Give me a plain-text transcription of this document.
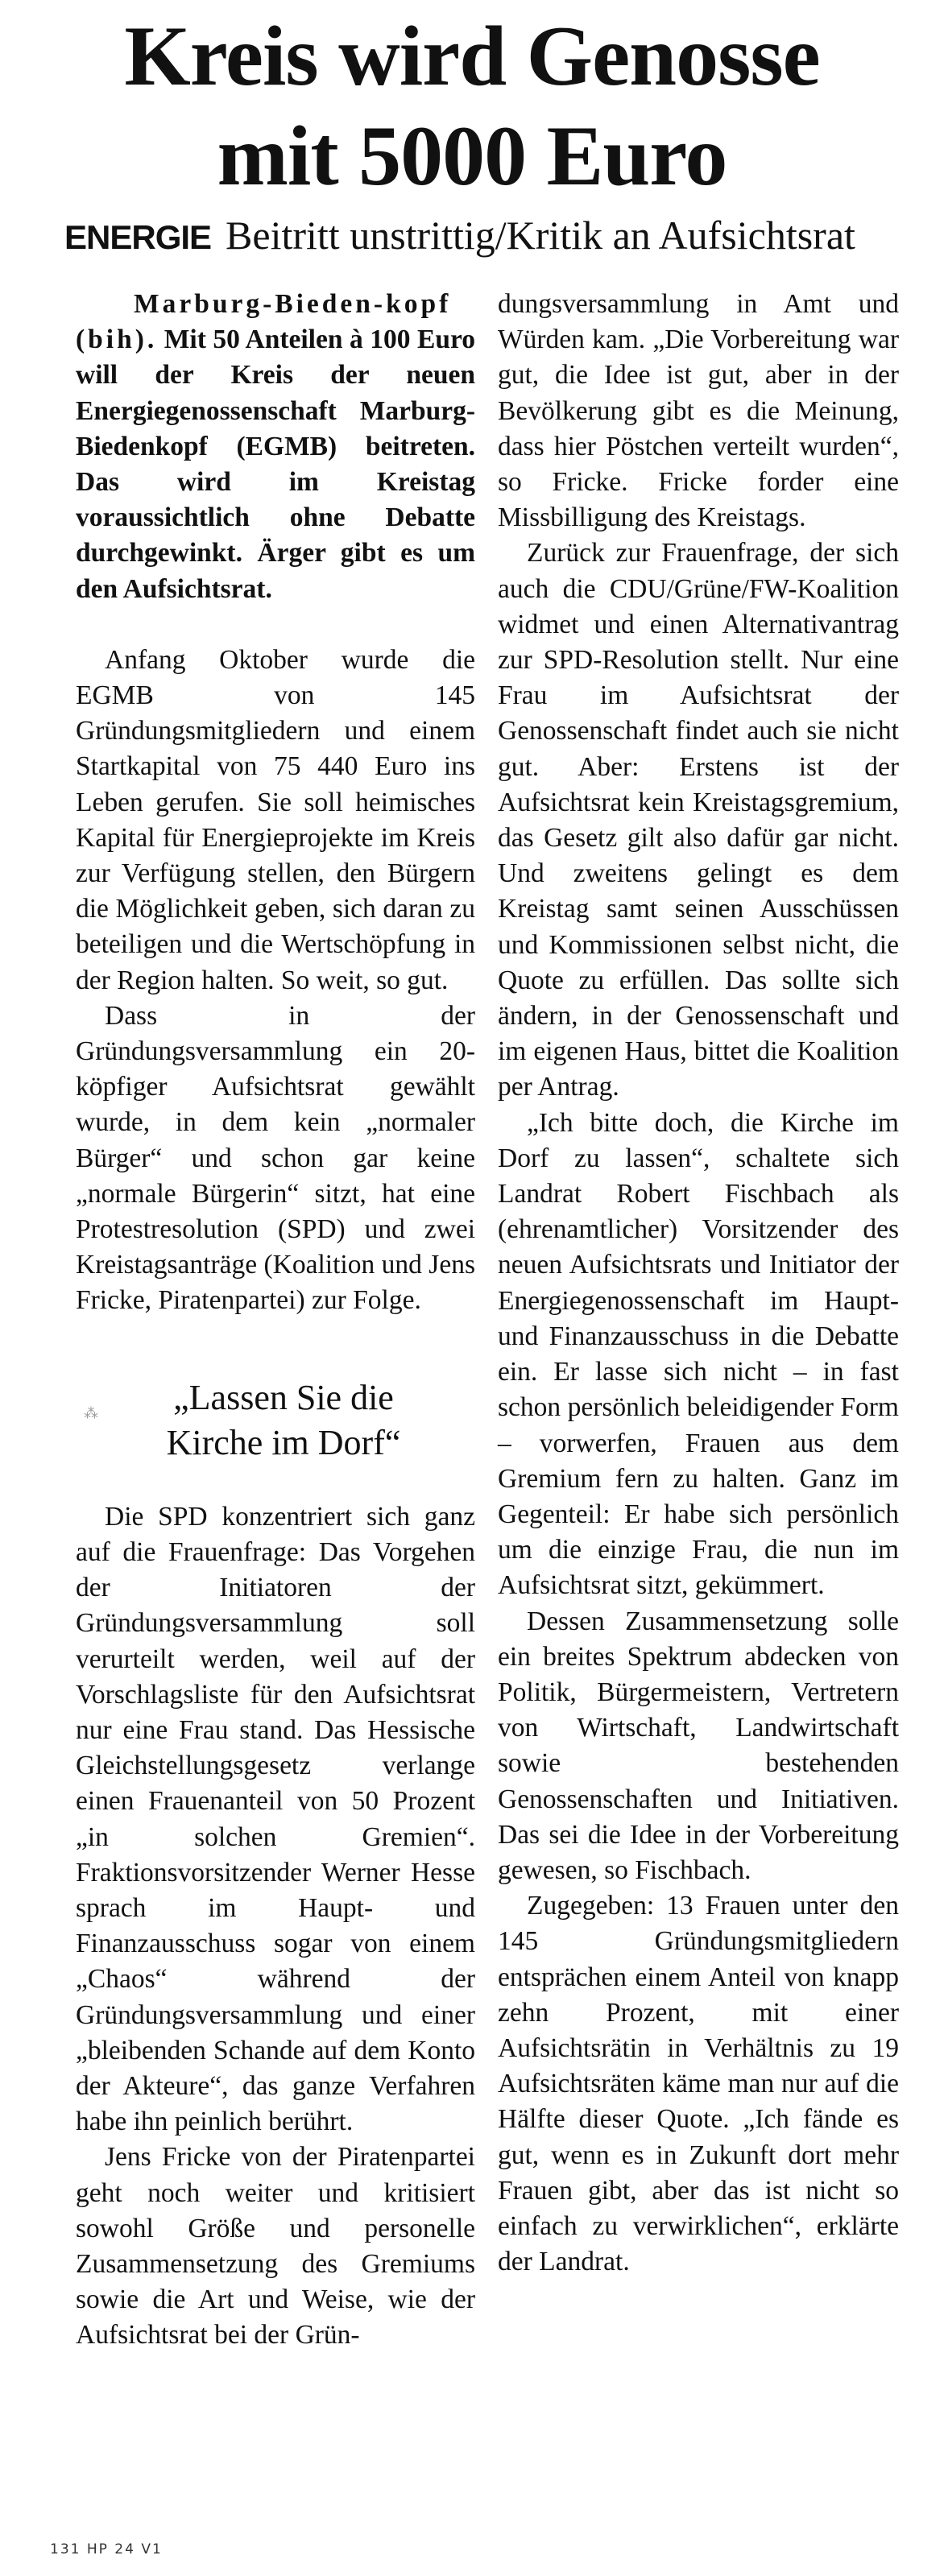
Kreis wird Genosse
mit 5000 Euro
ENERGIE Beitritt unstrittig/Kritik an Aufsichtsrat

Marburg-Bieden-kopf (bih). Mit 50 Anteilen à 100 Euro will der Kreis der neuen Energiegenossenschaft Marburg-Biedenkopf (EGMB) beitreten. Das wird im Kreistag voraussichtlich ohne Debatte durchgewinkt. Ärger gibt es um den Aufsichtsrat.

Anfang Oktober wurde die EGMB von 145 Gründungsmitgliedern und einem Startkapital von 75 440 Euro ins Leben gerufen. Sie soll heimisches Kapital für Energieprojekte im Kreis zur Verfügung stellen, den Bürgern die Möglichkeit geben, sich daran zu beteiligen und die Wertschöpfung in der Region halten. So weit, so gut.

Dass in der Gründungsversammlung ein 20-köpfiger Aufsichtsrat gewählt wurde, in dem kein „normaler Bürger“ und schon gar keine „normale Bürgerin“ sitzt, hat eine Protestresolution (SPD) und zwei Kreistagsanträge (Koalition und Jens Fricke, Piratenpartei) zur Folge.

⁂ „Lassen Sie die
Kirche im Dorf“

Die SPD konzentriert sich ganz auf die Frauenfrage: Das Vorgehen der Initiatoren der Gründungsversammlung soll verurteilt werden, weil auf der Vorschlagsliste für den Aufsichtsrat nur eine Frau stand. Das Hessische Gleichstellungsgesetz verlange einen Frauenanteil von 50 Prozent „in solchen Gremien“. Fraktionsvorsitzender Werner Hesse sprach im Haupt- und Finanzausschuss sogar von einem „Chaos“ während der Gründungsversammlung und einer „bleibenden Schande auf dem Konto der Akteure“, das ganze Verfahren habe ihn peinlich berührt.

Jens Fricke von der Piratenpartei geht noch weiter und kritisiert sowohl Größe und personelle Zusammensetzung des Gremiums sowie die Art und Weise, wie der Aufsichtsrat bei der Grün-

dungsversammlung in Amt und Würden kam. „Die Vorbereitung war gut, die Idee ist gut, aber in der Bevölkerung gibt es die Meinung, dass hier Pöstchen verteilt wurden“, so Fricke. Fricke forder eine Missbilligung des Kreistags.

Zurück zur Frauenfrage, der sich auch die CDU/Grüne/FW-Koalition widmet und einen Alternativantrag zur SPD-Resolution stellt. Nur eine Frau im Aufsichtsrat der Genossenschaft findet auch sie nicht gut. Aber: Erstens ist der Aufsichtsrat kein Kreistagsgremium, das Gesetz gilt also dafür gar nicht. Und zweitens gelingt es dem Kreistag samt seinen Ausschüssen und Kommissionen selbst nicht, die Quote zu erfüllen. Das sollte sich ändern, in der Genossenschaft und im eigenen Haus, bittet die Koalition per Antrag.

„Ich bitte doch, die Kirche im Dorf zu lassen“, schaltete sich Landrat Robert Fischbach als (ehrenamtlicher) Vorsitzender des neuen Aufsichtsrats und Initiator der Energiegenossenschaft im Haupt- und Finanzausschuss in die Debatte ein. Er lasse sich nicht – in fast schon persönlich beleidigender Form – vorwerfen, Frauen aus dem Gremium fern zu halten. Ganz im Gegenteil: Er habe sich persönlich um die einzige Frau, die nun im Aufsichtsrat sitzt, gekümmert.

Dessen Zusammensetzung solle ein breites Spektrum abdecken von Politik, Bürgermeistern, Vertretern von Wirtschaft, Landwirtschaft sowie bestehenden Genossenschaften und Initiativen. Das sei die Idee in der Vorbereitung gewesen, so Fischbach.

Zugegeben: 13 Frauen unter den 145 Gründungsmitgliedern entsprächen einem Anteil von knapp zehn Prozent, mit einer Aufsichtsrätin in Verhältnis zu 19 Aufsichtsräten käme man nur auf die Hälfte dieser Quote. „Ich fände es gut, wenn es in Zukunft dort mehr Frauen gibt, aber das ist nicht so einfach zu verwirklichen“, erklärte der Landrat.

131 HP 24 V1
